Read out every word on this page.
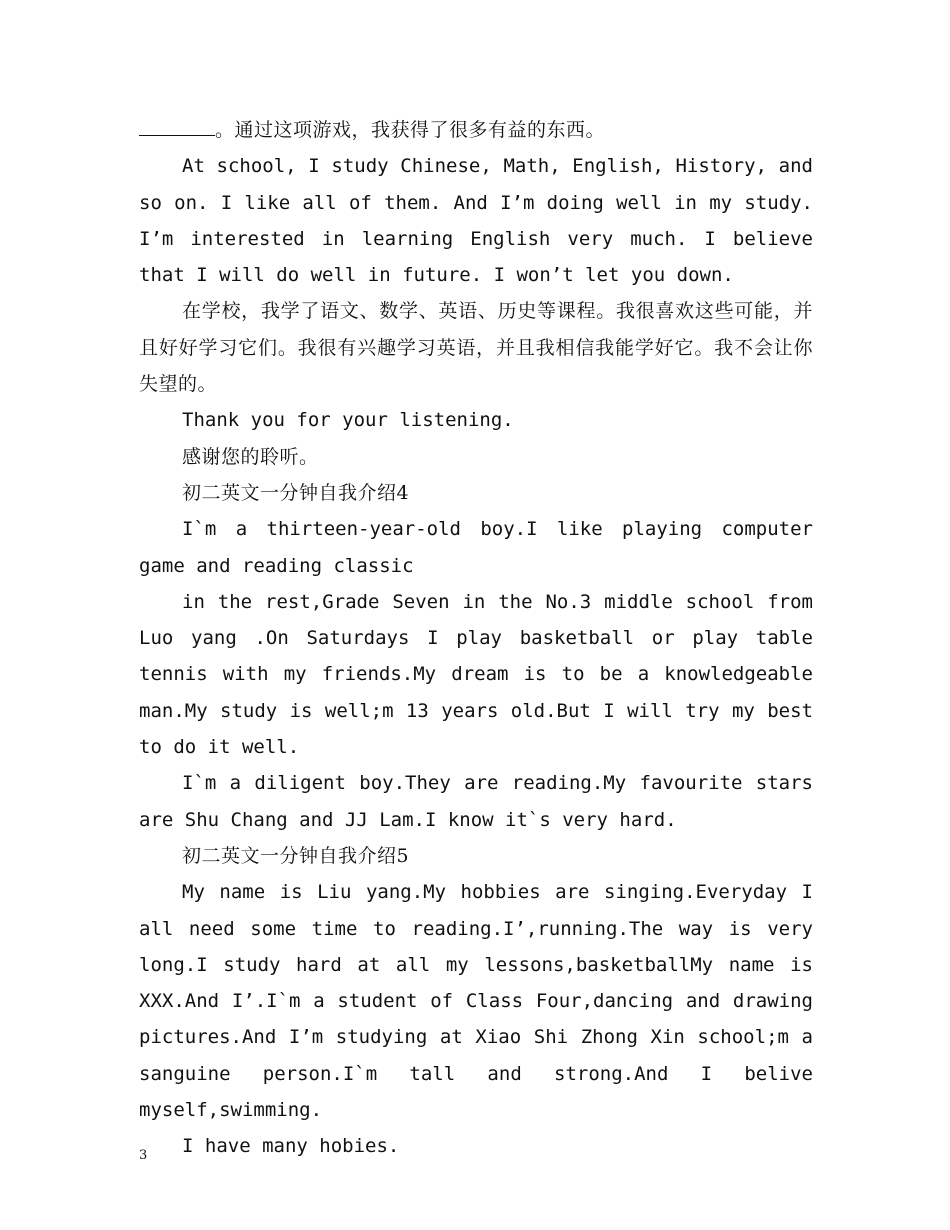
。通过这项游戏，我获得了很多有益的东西。

At school, I study Chinese, Math, English, History, and so on. I like all of them. And I’m doing well in my study. I’m interested in learning English very much. I believe that I will do well in future. I won’t let you down.

在学校，我学了语文、数学、英语、历史等课程。我很喜欢这些可能，并且好好学习它们。我很有兴趣学习英语，并且我相信我能学好它。我不会让你失望的。

Thank you for your listening.

感谢您的聆听。

初二英文一分钟自我介绍4

I`m a thirteen-year-old boy.I like playing computer game and reading classic

in the rest,Grade Seven in the No.3 middle school from Luo yang .On Saturdays I play basketball or play table tennis with my friends.My dream is to be a knowledgeable man.My study is well;m 13 years old.But I will try my best to do it well.

I`m a diligent boy.They are reading.My favourite stars are Shu Chang and JJ Lam.I know it`s very hard.

初二英文一分钟自我介绍5

My name is Liu yang.My hobbies are singing.Everyday I all need some time to reading.I’,running.The way is very long.I study hard at all my lessons,basketballMy name is XXX.And I’.I`m a student of Class Four,dancing and drawing pictures.And I’m studying at Xiao Shi Zhong Xin school;m a sanguine person.I`m tall and strong.And I belive myself,swimming.

I have many hobies.

3
